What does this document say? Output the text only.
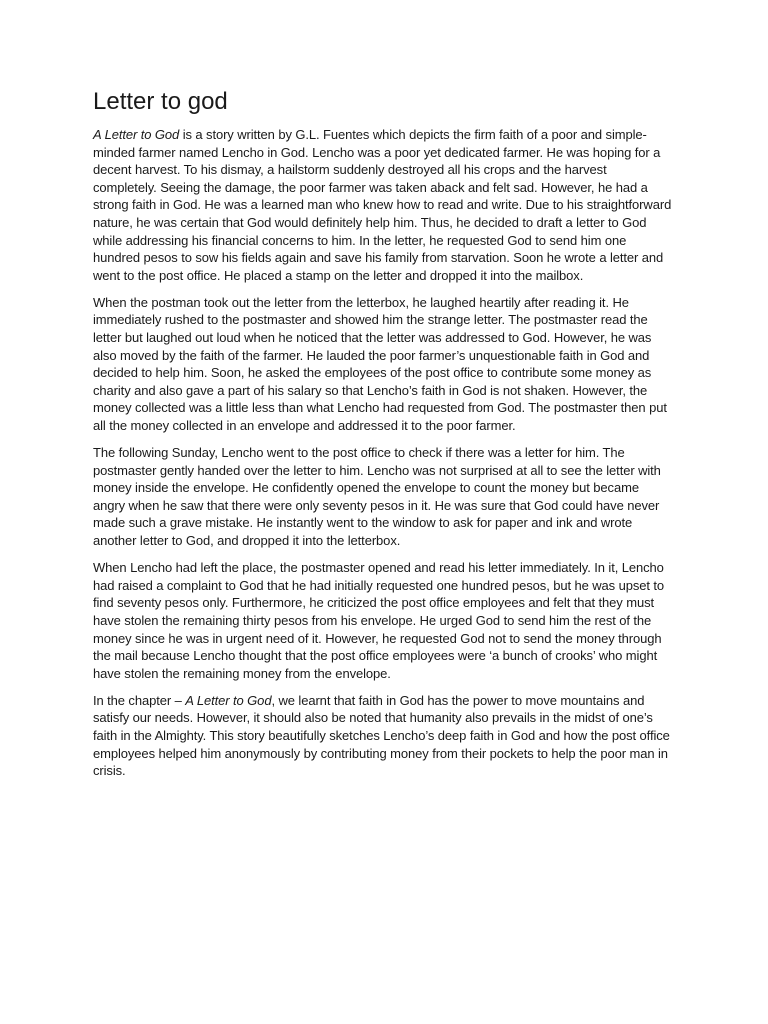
Letter to god

A Letter to God is a story written by G.L. Fuentes which depicts the firm faith of a poor and simple-minded farmer named Lencho in God. Lencho was a poor yet dedicated farmer. He was hoping for a decent harvest. To his dismay, a hailstorm suddenly destroyed all his crops and the harvest completely. Seeing the damage, the poor farmer was taken aback and felt sad. However, he had a strong faith in God. He was a learned man who knew how to read and write. Due to his straightforward nature, he was certain that God would definitely help him. Thus, he decided to draft a letter to God while addressing his financial concerns to him. In the letter, he requested God to send him one hundred pesos to sow his fields again and save his family from starvation. Soon he wrote a letter and went to the post office. He placed a stamp on the letter and dropped it into the mailbox.

When the postman took out the letter from the letterbox, he laughed heartily after reading it. He immediately rushed to the postmaster and showed him the strange letter. The postmaster read the letter but laughed out loud when he noticed that the letter was addressed to God. However, he was also moved by the faith of the farmer. He lauded the poor farmer’s unquestionable faith in God and decided to help him. Soon, he asked the employees of the post office to contribute some money as charity and also gave a part of his salary so that Lencho’s faith in God is not shaken. However, the money collected was a little less than what Lencho had requested from God. The postmaster then put all the money collected in an envelope and addressed it to the poor farmer.

The following Sunday, Lencho went to the post office to check if there was a letter for him. The postmaster gently handed over the letter to him. Lencho was not surprised at all to see the letter with money inside the envelope. He confidently opened the envelope to count the money but became angry when he saw that there were only seventy pesos in it. He was sure that God could have never made such a grave mistake. He instantly went to the window to ask for paper and ink and wrote another letter to God, and dropped it into the letterbox.

When Lencho had left the place, the postmaster opened and read his letter immediately. In it, Lencho had raised a complaint to God that he had initially requested one hundred pesos, but he was upset to find seventy pesos only. Furthermore, he criticized the post office employees and felt that they must have stolen the remaining thirty pesos from his envelope. He urged God to send him the rest of the money since he was in urgent need of it. However, he requested God not to send the money through the mail because Lencho thought that the post office employees were ‘a bunch of crooks’ who might have stolen the remaining money from the envelope.

In the chapter – A Letter to God, we learnt that faith in God has the power to move mountains and satisfy our needs. However, it should also be noted that humanity also prevails in the midst of one’s faith in the Almighty. This story beautifully sketches Lencho’s deep faith in God and how the post office employees helped him anonymously by contributing money from their pockets to help the poor man in crisis.
